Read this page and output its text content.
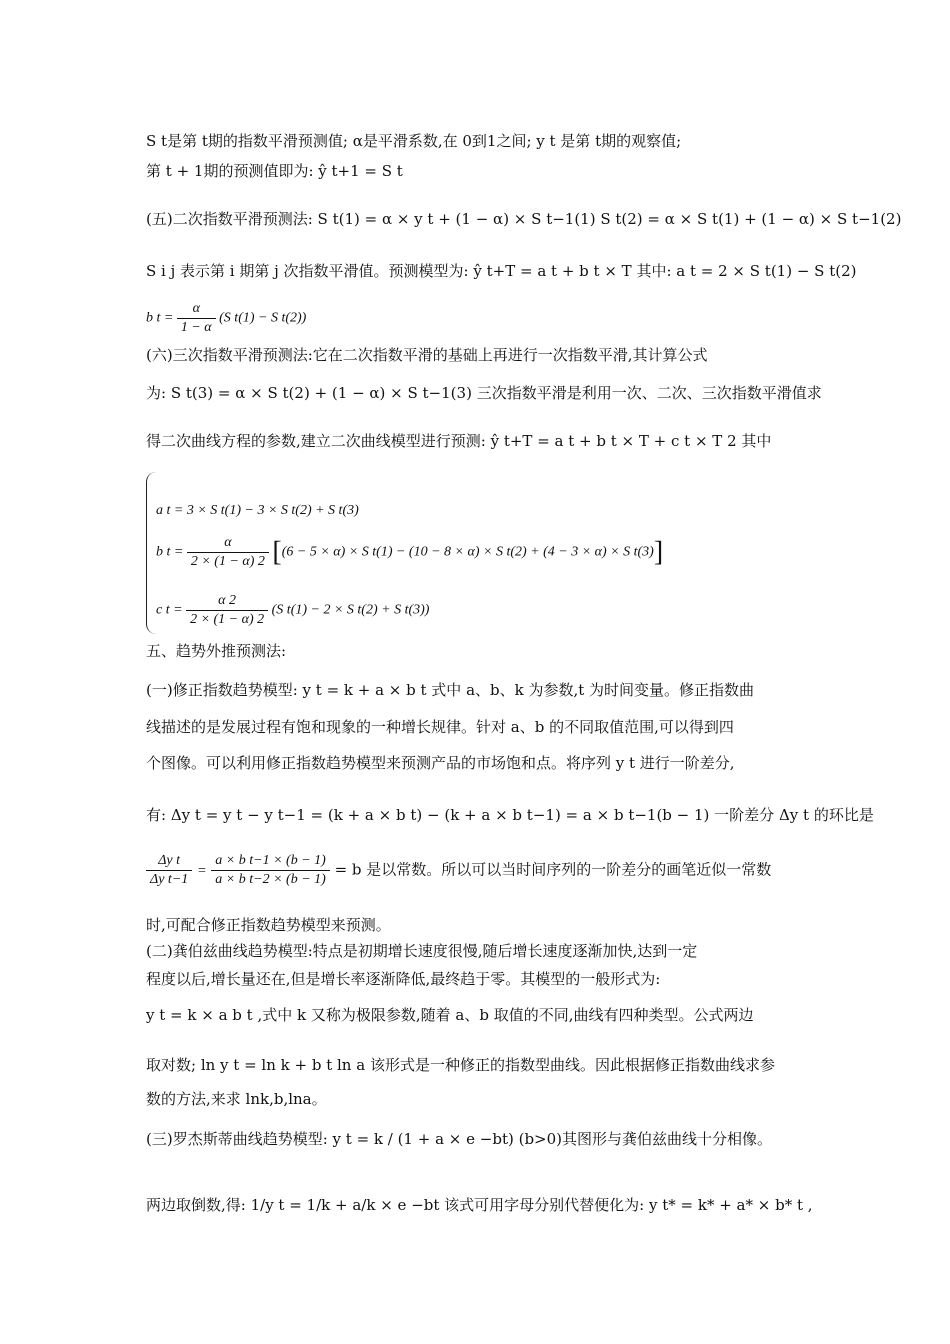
S t是第 t期的指数平滑预测值; α是平滑系数,在 0到1之间; y t 是第 t期的观察值;
第 t + 1期的预测值即为: ŷ t+1 = S t
(五)二次指数平滑预测法: S t(1) = α × y t + (1 − α) × S t−1(1) S t(2) = α × S t(1) + (1 − α) × S t−1(2)
S i j 表示第 i 期第 j 次指数平滑值。预测模型为: ŷ t+T = a t + b t × T 其中: a t = 2 × S t(1) − S t(2)
b $t = \frac{\alpha}{1 - \alpha} (S$ t(1) − S t(2))
(六)三次指数平滑预测法:它在二次指数平滑的基础上再进行一次指数平滑,其计算公式
为: S t(3) = α × S t(2) + (1 − α) × S t−1(3) 三次指数平滑是利用一次、二次、三次指数平滑值求
得二次曲线方程的参数,建立二次曲线模型进行预测: ŷ t+T = a t + b t × T + c t × T 2 其中
a t = 3 × S t(1) − 3 × S t(2) + S t(3)
b $t = \frac{\alpha}{2 \times (1 - \alpha) 2} [(6 - 5 \times \alpha) \times S$ t(1) − (10 − 8 × α) × S t(2) + (4 − 3 × α) × S t(3)]
c $t = \frac{\alpha 2}{2 \times (1 - \alpha) 2} (S$ t(1) − 2 × S t(2) + S t(3))
五、趋势外推预测法:
(一)修正指数趋势模型: y t = k + a × b t 式中 a、b、k 为参数,t 为时间变量。修正指数曲
线描述的是发展过程有饱和现象的一种增长规律。针对 a、b 的不同取值范围,可以得到四
个图像。可以利用修正指数趋势模型来预测产品的市场饱和点。将序列 y t 进行一阶差分,
有: Δy t = y t − y t−1 = (k + a × b t) − (k + a × b t−1) = a × b t−1(b − 1) 一阶差分 Δy t 的环比是
$\frac{\text{Δy t}}{\text{Δy t−1}} = \frac{\text{a × b t−1 × (b − 1)}}{\text{a × b t−2 × (b − 1)}} = b$ 是以常数。所以可以当时间序列的一阶差分的画笔近似一常数
时,可配合修正指数趋势模型来预测。
(二)龚伯兹曲线趋势模型:特点是初期增长速度很慢,随后增长速度逐渐加快,达到一定
程度以后,增长量还在,但是增长率逐渐降低,最终趋于零。其模型的一般形式为:
y t = k × a b t ,式中 k 又称为极限参数,随着 a、b 取值的不同,曲线有四种类型。公式两边
取对数; ln y t = ln k + b t ln a 该形式是一种修正的指数型曲线。因此根据修正指数曲线求参
数的方法,来求 lnk,b,lna。
(三)罗杰斯蒂曲线趋势模型: y t = k / (1 + a × e −bt) (b>0)其图形与龚伯兹曲线十分相像。
两边取倒数,得: 1/y t = 1/k + a/k × e −bt 该式可用字母分别代替便化为: y t* = k* + a* × b* t ,
